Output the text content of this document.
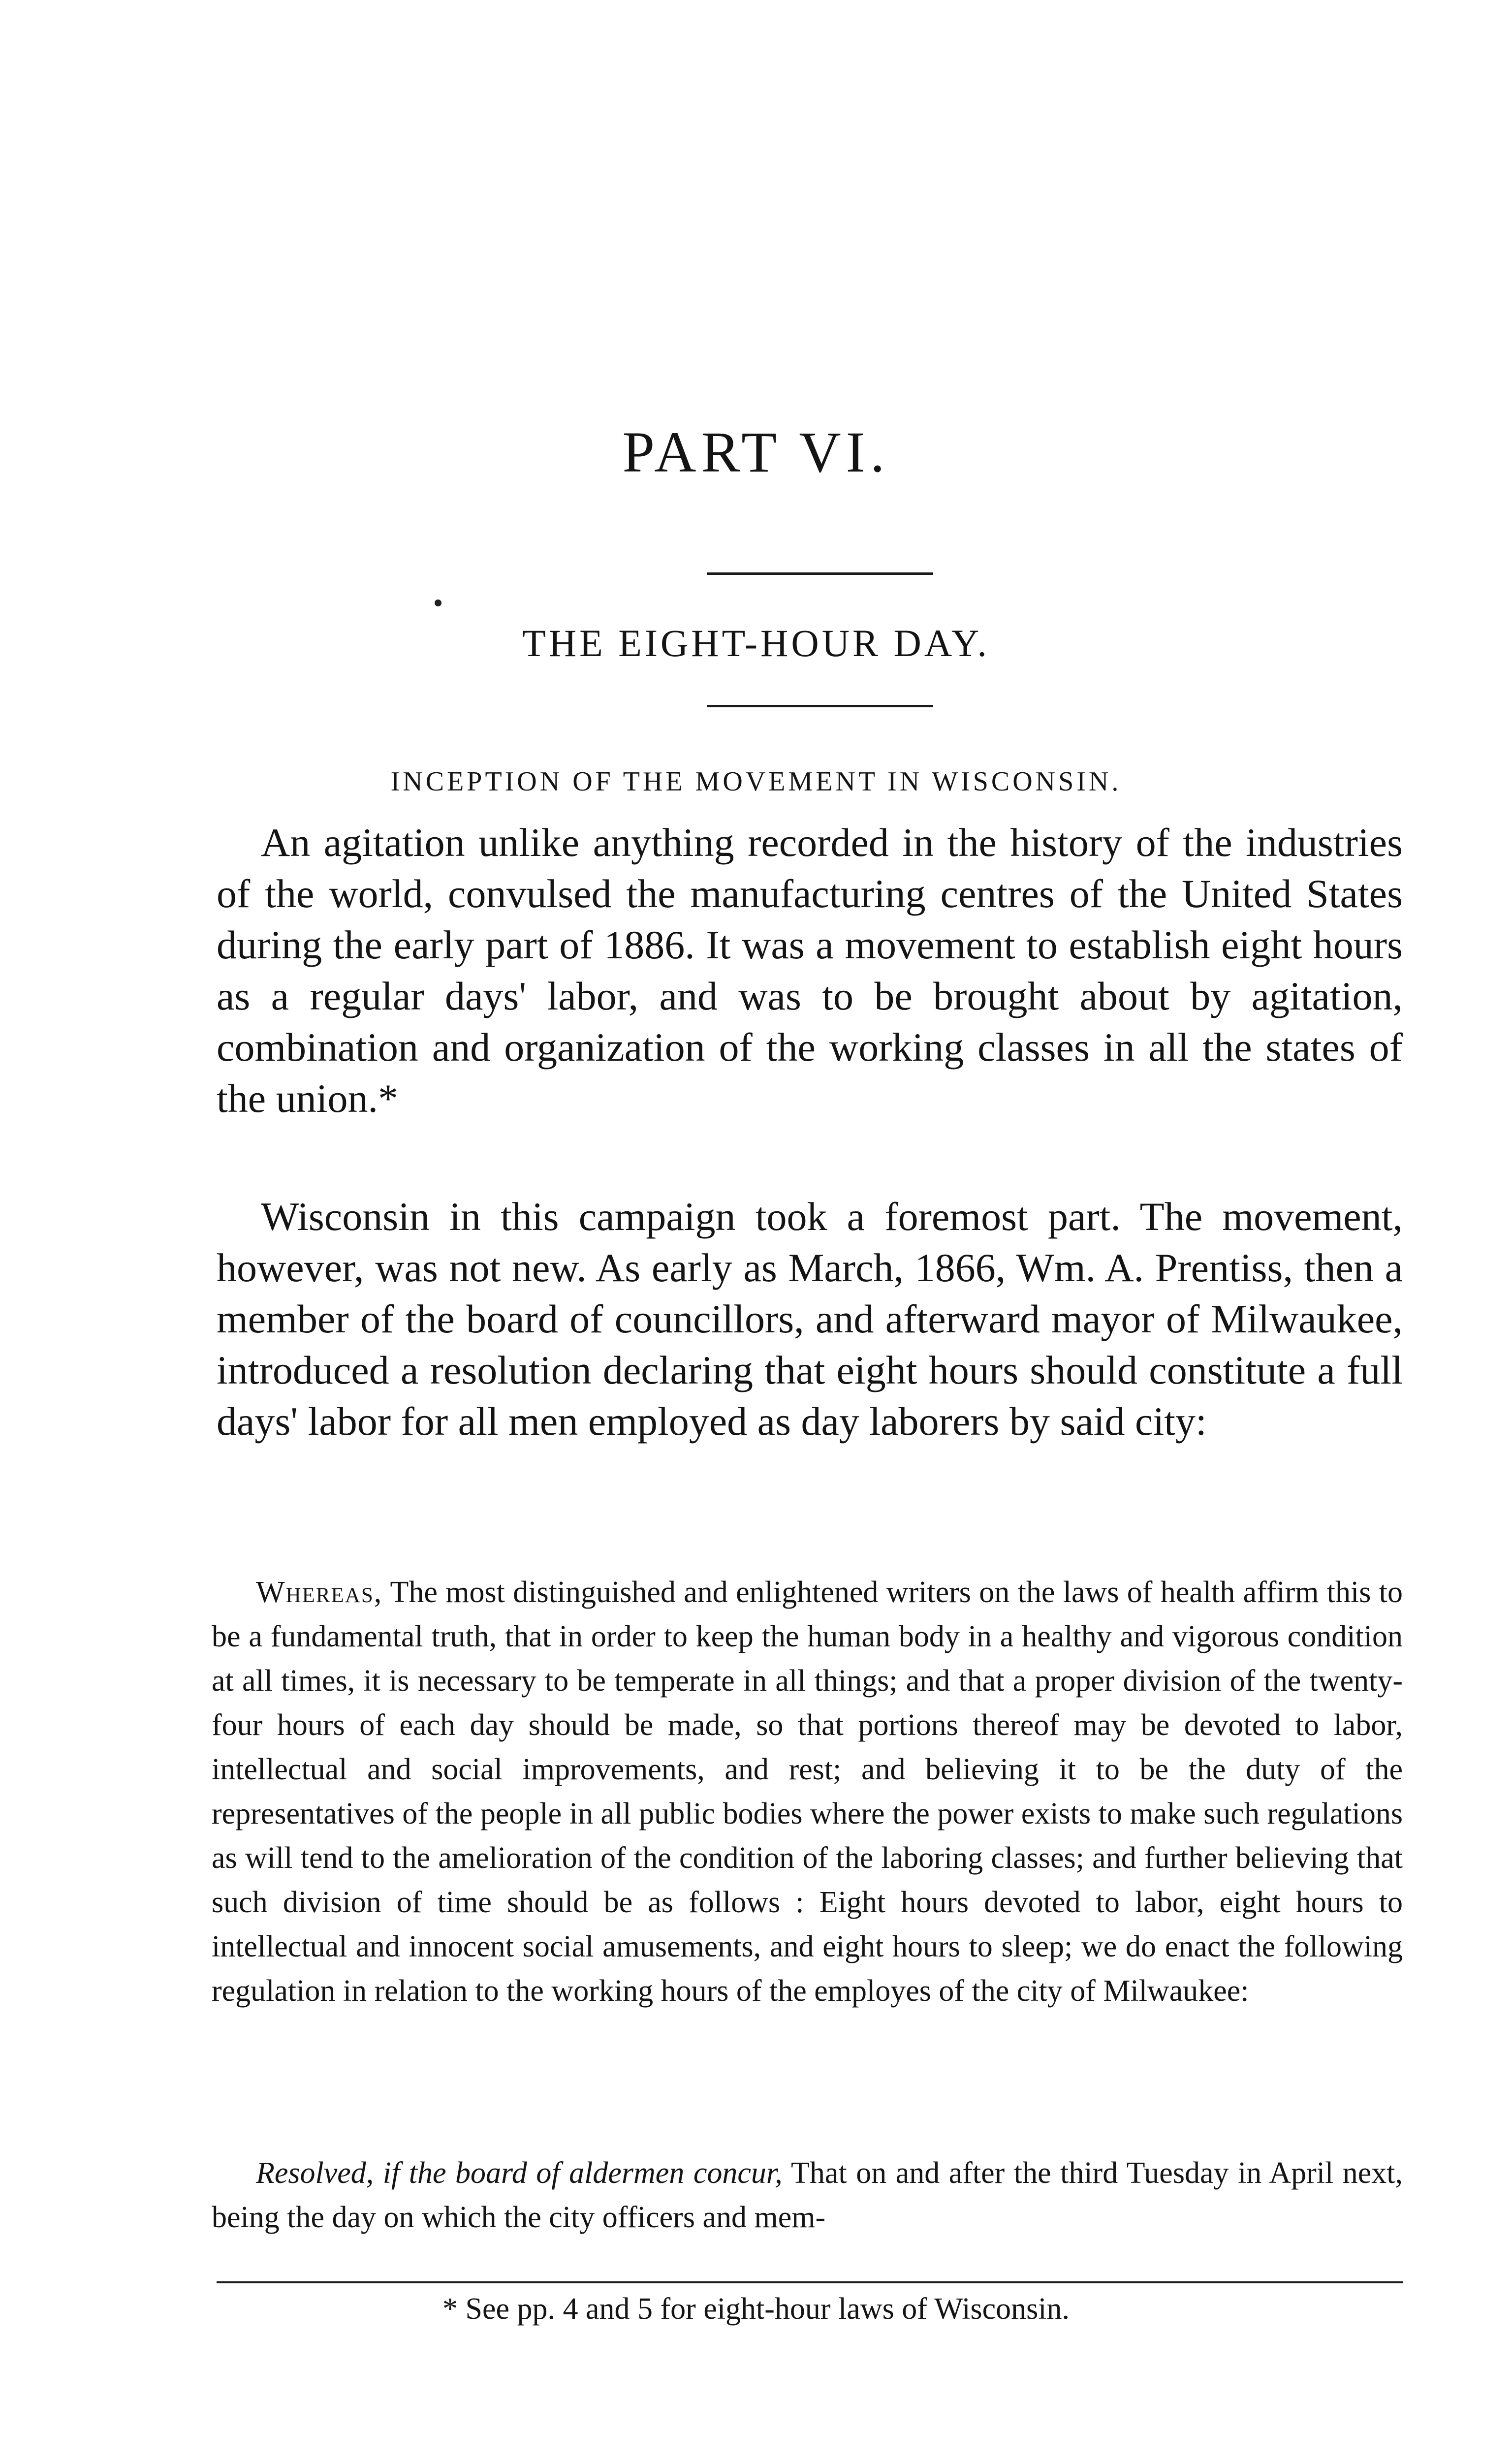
PART VI.
THE EIGHT-HOUR DAY.
INCEPTION OF THE MOVEMENT IN WISCONSIN.

An agitation unlike anything recorded in the history of the industries of the world, convulsed the manufacturing centres of the United States during the early part of 1886. It was a movement to establish eight hours as a regular days' labor, and was to be brought about by agitation, combination and organization of the working classes in all the states of the union.*

Wisconsin in this campaign took a foremost part. The movement, however, was not new. As early as March, 1866, Wm. A. Prentiss, then a member of the board of councillors, and afterward mayor of Milwaukee, introduced a resolution declaring that eight hours should constitute a full days' labor for all men employed as day laborers by said city:

Whereas, The most distinguished and enlightened writers on the laws of health affirm this to be a fundamental truth, that in order to keep the human body in a healthy and vigorous condition at all times, it is necessary to be temperate in all things; and that a proper division of the twenty-four hours of each day should be made, so that portions thereof may be devoted to labor, intellectual and social improvements, and rest; and believing it to be the duty of the representatives of the people in all public bodies where the power exists to make such regulations as will tend to the amelioration of the condition of the laboring classes; and further believing that such division of time should be as follows : Eight hours devoted to labor, eight hours to intellectual and innocent social amusements, and eight hours to sleep; we do enact the following regulation in relation to the working hours of the employes of the city of Milwaukee:

Resolved, if the board of aldermen concur, That on and after the third Tuesday in April next, being the day on which the city officers and mem-

* See pp. 4 and 5 for eight-hour laws of Wisconsin.
